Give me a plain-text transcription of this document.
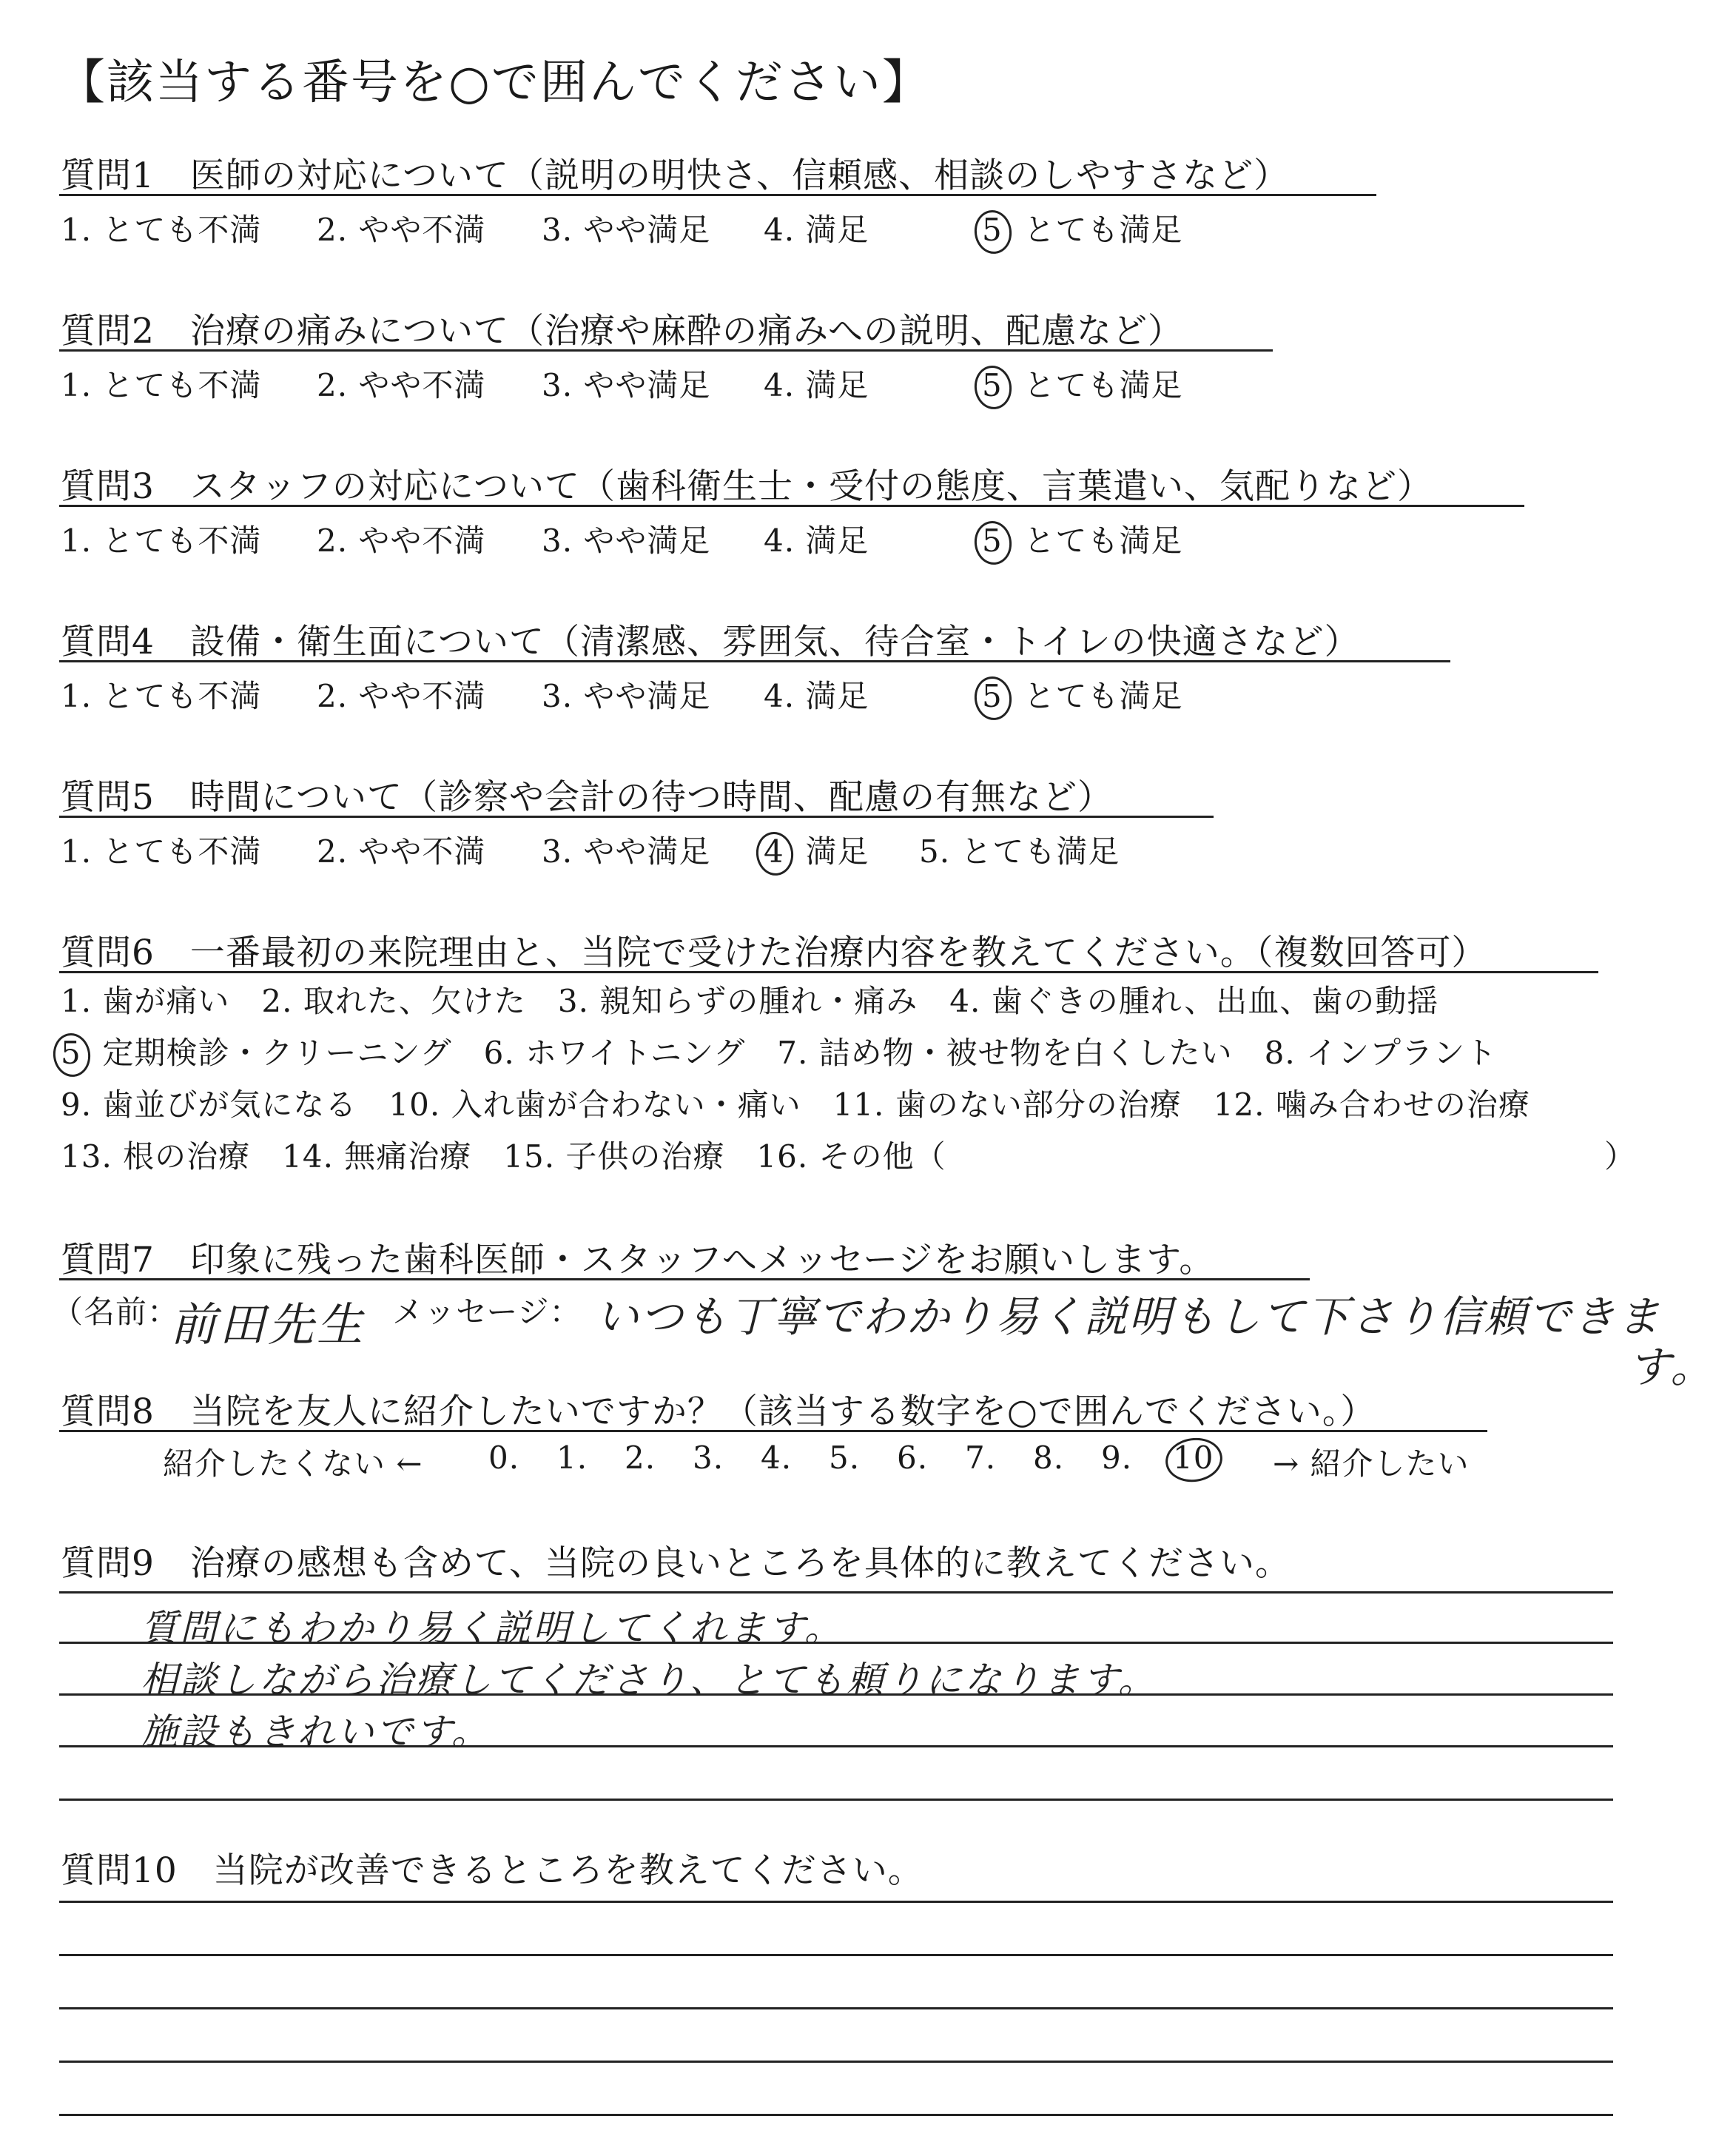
【該当する番号を○で囲んでください】
質問1　医師の対応について（説明の明快さ、信頼感、相談のしやすさなど）
1. とても不満 2. やや不満 3. やや満足 4. 満足	5 とても満足
質問2　治療の痛みについて（治療や麻酔の痛みへの説明、配慮など）
1. とても不満 2. やや不満 3. やや満足 4. 満足	5 とても満足
質問3　スタッフの対応について（歯科衛生士・受付の態度、言葉遣い、気配りなど）
1. とても不満 2. やや不満 3. やや満足 4. 満足	5 とても満足
質問4　設備・衛生面について（清潔感、雰囲気、待合室・トイレの快適さなど）
1. とても不満 2. やや不満 3. やや満足 4. 満足	5 とても満足
質問5　時間について（診察や会計の待つ時間、配慮の有無など）
1. とても不満 2. やや不満 3. やや満足 4 満足 5. とても満足
質問6　一番最初の来院理由と、当院で受けた治療内容を教えてください。（複数回答可）
1. 歯が痛い　2. 取れた、欠けた　3. 親知らずの腫れ・痛み　4. 歯ぐきの腫れ、出血、歯の動揺
5 定期検診・クリーニング　6. ホワイトニング　7. 詰め物・被せ物を白くしたい　8. インプラント
9. 歯並びが気になる　10. 入れ歯が合わない・痛い　11. 歯のない部分の治療　12. 噛み合わせの治療
13. 根の治療　14. 無痛治療　15. 子供の治療　16. その他（	）
質問7　印象に残った歯科医師・スタッフへメッセージをお願いします。
（名前：
前田先生 メッセージ： いつも丁寧でわかり易く説明もして下さり信頼できま
す。
質問8　当院を友人に紹介したいですか？（該当する数字を○で囲んでください。）
紹介したくない ← 0. 1. 2. 3. 4. 5. 6. 7. 8. 9. 10 → 紹介したい
質問9　治療の感想も含めて、当院の良いところを具体的に教えてください。
質問にもわかり易く説明してくれます。
相談しながら治療してくださり、とても頼りになります。
施設もきれいです。
質問10　当院が改善できるところを教えてください。
